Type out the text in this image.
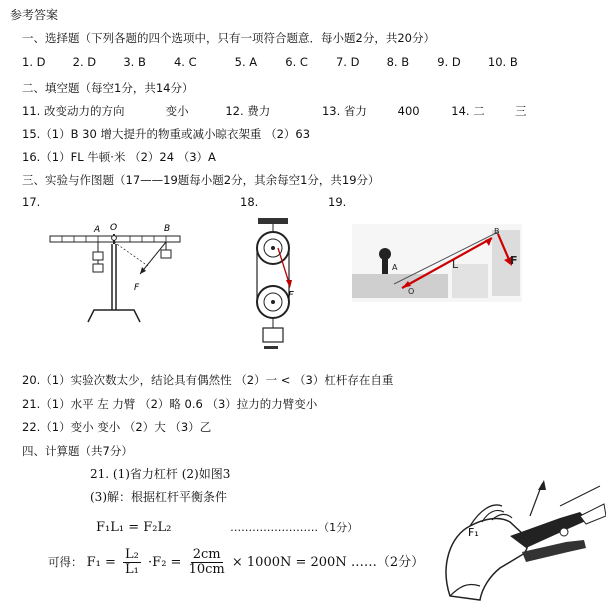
参考答案
一、选择题（下列各题的四个选项中，只有一项符合题意．每小题2分，共20分）
1. D 2. D 3. B 4. C	5. A 6. C 7. D 8. B 9. D 10. B
二、填空题（每空1分，共14分）
11. 改变动力的方向	变小	12. 费力	13. 省力	400	14. 二	三
15.（1）B 30 增大提升的物重或减小晾衣架重 （2）63
16.（1）FL 牛顿·米 （2）24 （3）A
三、实验与作图题（17——19题每小题2分，其余每空1分，共19分）
17.	18.	19.
A O	B
F
F
L	F
B
O
A
20.（1）实验次数太少，结论具有偶然性 （2）一 < （3）杠杆存在自重
21.（1）水平 左 力臂 （2）略 0.6 （3）拉力的力臂变小
22.（1）变小 变小 （2）大 （3）乙
四、计算题（共7分）
21. (1)省力杠杆 (2)如图3
(3)解：根据杠杆平衡条件
F₁L₁ = F₂L₂	……………………（1分）
可得： $F_1 = \frac{\text{L₂}}{\text{L₁}} \cdot F_2 = \frac{2cm}{10cm} \times 1000N = 200N$ ……（2分）
F₁
